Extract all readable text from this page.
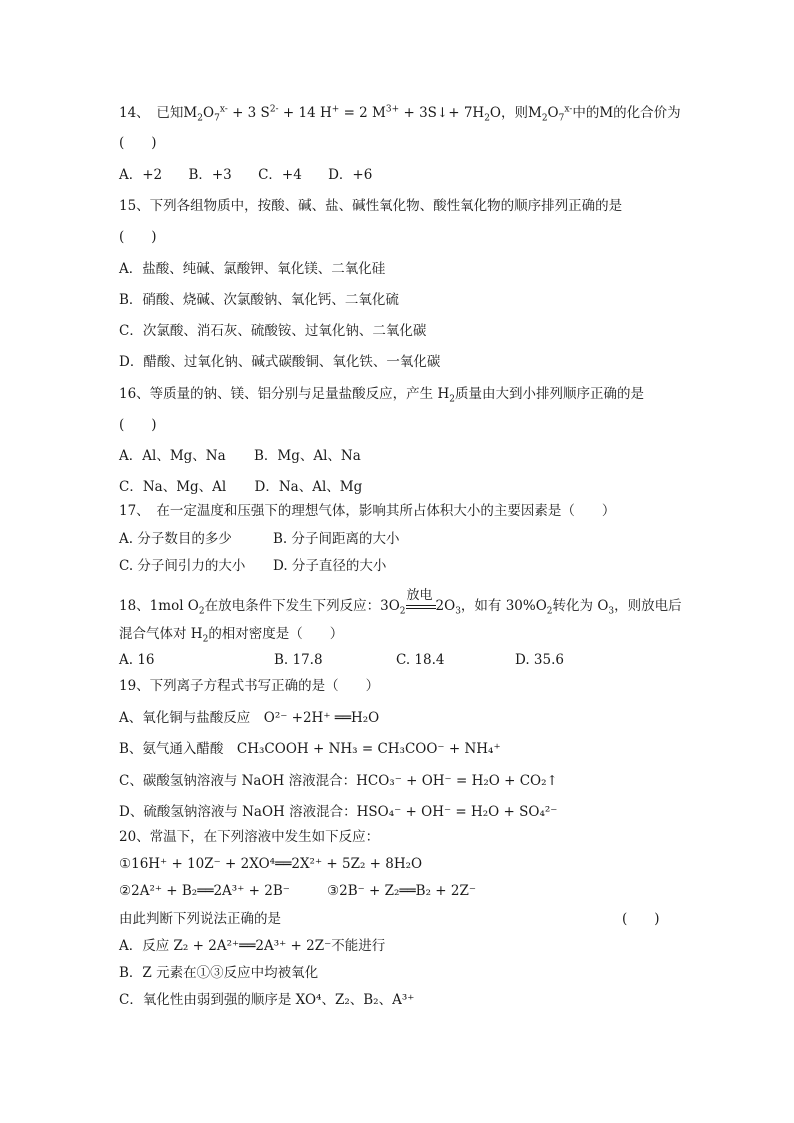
14、　已知$M_2O_7^{x-} + 3$ $S^{2-} + 14$ H+ = 2 $M^{3+}$ + 3S↓+ $7H_2O$，则$M_2O_7^{x-}$中的M的化合价为
(　　)
A．+2 B．+3 C．+4 D．+6
15、下列各组物质中，按酸、碱、盐、碱性氧化物、酸性氧化物的顺序排列正确的是
(　　)
A．盐酸、纯碱、氯酸钾、氧化镁、二氧化硅
B．硝酸、烧碱、次氯酸钠、氧化钙、二氧化硫
C．次氯酸、消石灰、硫酸铵、过氧化钠、二氧化碳
D．醋酸、过氧化钠、碱式碳酸铜、氧化铁、一氧化碳
16、等质量的钠、镁、铝分别与足量盐酸反应，产生 $H_2$质量由大到小排列顺序正确的是
(　　)
A．Al、Mg、Na B．Mg、Al、Na
C．Na、Mg、Al D．Na、Al、Mg
17、　在一定温度和压强下的理想气体，影响其所占体积大小的主要因素是（　　）
A. 分子数目的多少	B. 分子间距离的大小
C. 分子间引力的大小 D. 分子直径的大小
18、1mol $O_2$在放电条件下发生下列反应：$3O_2$
放电
$2O_3$，如有 $30\%O_2$转化为 $O_3$，则放电后
混合气体对 $H_2$的相对密度是（　　）
A. 16	B. 17.8	C. 18.4	D. 35.6
19、下列离子方程式书写正确的是（　　）
A、氧化铜与盐酸反应　O²⁻ +2H⁺ ══H₂O
B、氨气通入醋酸　CH₃COOH + NH₃ = CH₃COO⁻ + NH₄⁺
C、碳酸氢钠溶液与 NaOH 溶液混合：HCO₃⁻ + OH⁻ = H₂O + CO₂↑
D、硫酸氢钠溶液与 NaOH 溶液混合：HSO₄⁻ + OH⁻ = H₂O + SO₄²⁻
20、常温下，在下列溶液中发生如下反应：
①16H⁺ + 10Z⁻ + 2XO⁴══2X²⁺ + 5Z₂ + 8H₂O
②2A²⁺ + B₂══2A³⁺ + 2B⁻	③2B⁻ + Z₂══B₂ + 2Z⁻
由此判断下列说法正确的是	(　　)
A．反应 Z₂ + 2A²⁺══2A³⁺ + 2Z⁻不能进行
B．Z 元素在①③反应中均被氧化
C．氧化性由弱到强的顺序是 XO⁴、Z₂、B₂、A³⁺
